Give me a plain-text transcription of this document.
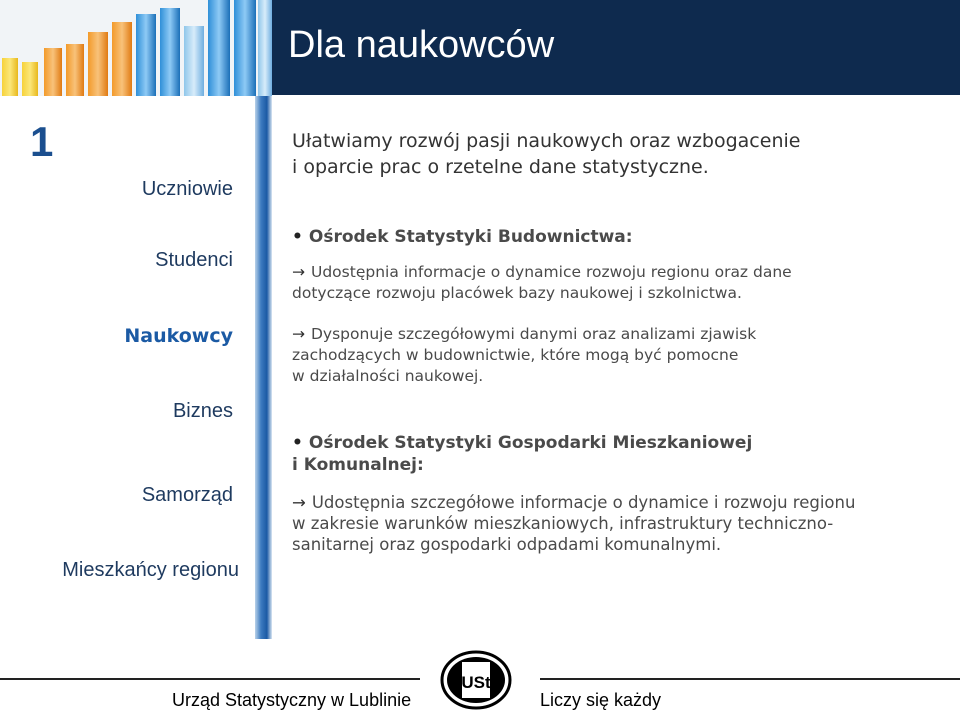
Dla naukowców
1
Uczniowie
Studenci
Naukowcy
Biznes
Samorząd
Mieszkańcy regionu
Ułatwiamy rozwój pasji naukowych oraz wzbogacenie
i oparcie prac o rzetelne dane statystyczne.
• Ośrodek Statystyki Budownictwa:
→ Udostępnia informacje o dynamice rozwoju regionu oraz dane
dotyczące rozwoju placówek bazy naukowej i szkolnictwa.
→ Dysponuje szczegółowymi danymi oraz analizami zjawisk
zachodzących w budownictwie, które mogą być pomocne
w działalności naukowej.
• Ośrodek Statystyki Gospodarki Mieszkaniowej
i Komunalnej:
→ Udostępnia szczegółowe informacje o dynamice i rozwoju regionu
w zakresie warunków mieszkaniowych, infrastruktury techniczno-
sanitarnej oraz gospodarki odpadami komunalnymi.
USt
Urząd Statystyczny w Lublinie	Liczy się każdy
